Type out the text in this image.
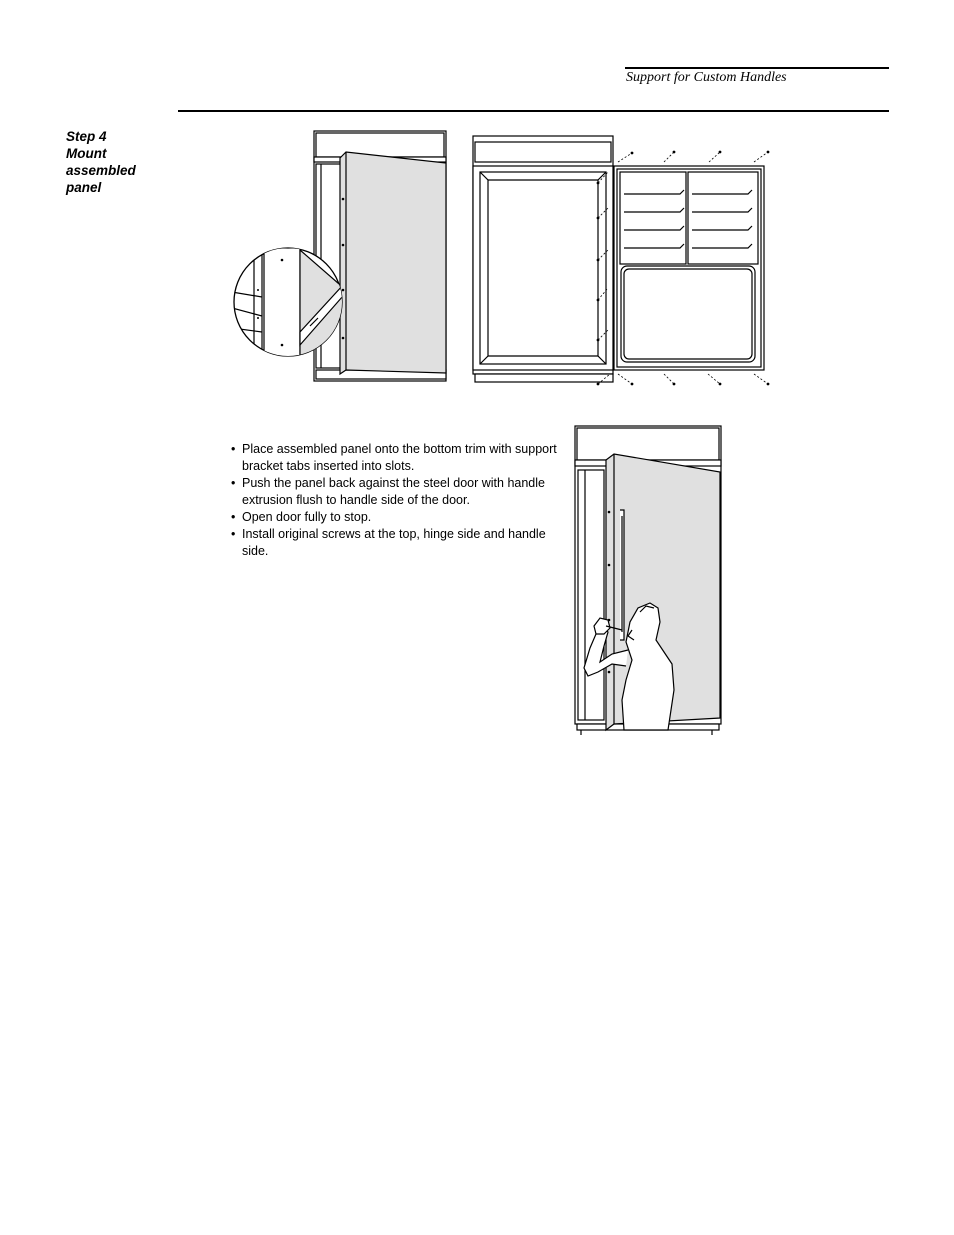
Support for Custom Handles
Step 4
Mount
assembled
panel
• Place assembled panel onto the bottom trim with support bracket tabs inserted into slots.
• Push the panel back against the steel door with handle extrusion flush to handle side of the door.
• Open door fully to stop.
• Install original screws at the top, hinge side and handle side.
